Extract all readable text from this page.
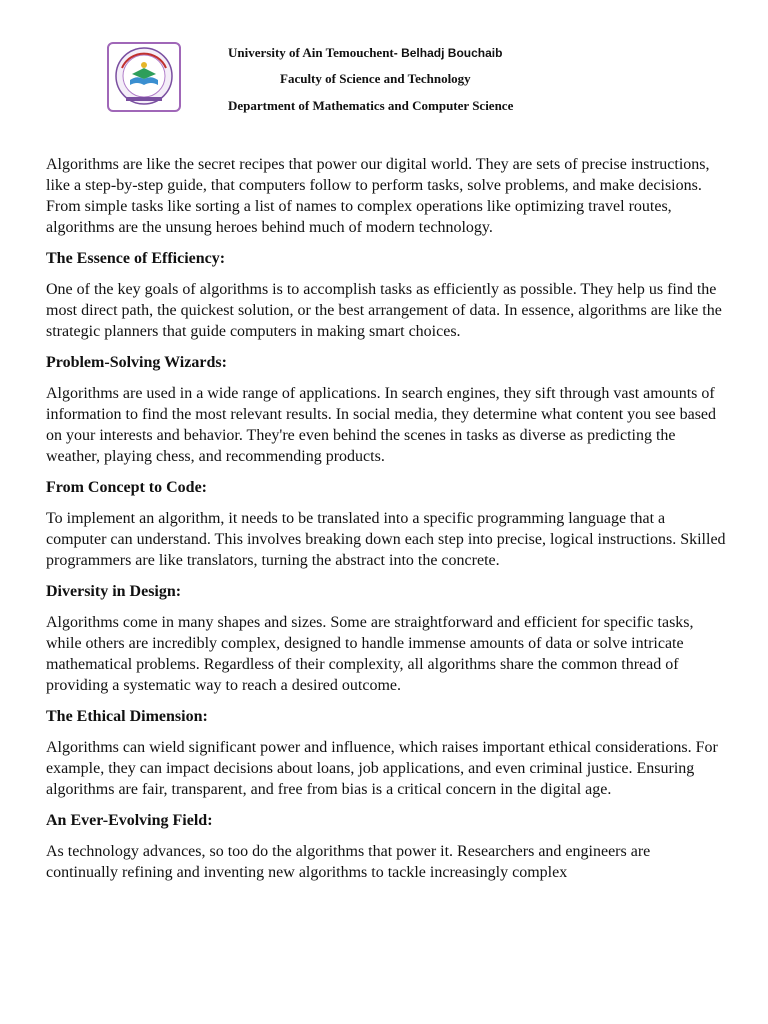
University of Ain Temouchent- Belhadj Bouchaib
Faculty of Science and Technology
Department of Mathematics and Computer Science

Algorithms are like the secret recipes that power our digital world. They are sets of precise instructions, like a step-by-step guide, that computers follow to perform tasks, solve problems, and make decisions. From simple tasks like sorting a list of names to complex operations like optimizing travel routes, algorithms are the unsung heroes behind much of modern technology.

The Essence of Efficiency:

One of the key goals of algorithms is to accomplish tasks as efficiently as possible. They help us find the most direct path, the quickest solution, or the best arrangement of data. In essence, algorithms are like the strategic planners that guide computers in making smart choices.

Problem-Solving Wizards:

Algorithms are used in a wide range of applications. In search engines, they sift through vast amounts of information to find the most relevant results. In social media, they determine what content you see based on your interests and behavior. They're even behind the scenes in tasks as diverse as predicting the weather, playing chess, and recommending products.

From Concept to Code:

To implement an algorithm, it needs to be translated into a specific programming language that a computer can understand. This involves breaking down each step into precise, logical instructions. Skilled programmers are like translators, turning the abstract into the concrete.

Diversity in Design:

Algorithms come in many shapes and sizes. Some are straightforward and efficient for specific tasks, while others are incredibly complex, designed to handle immense amounts of data or solve intricate mathematical problems. Regardless of their complexity, all algorithms share the common thread of providing a systematic way to reach a desired outcome.

The Ethical Dimension:

Algorithms can wield significant power and influence, which raises important ethical considerations. For example, they can impact decisions about loans, job applications, and even criminal justice. Ensuring algorithms are fair, transparent, and free from bias is a critical concern in the digital age.

An Ever-Evolving Field:

As technology advances, so too do the algorithms that power it. Researchers and engineers are continually refining and inventing new algorithms to tackle increasingly complex
